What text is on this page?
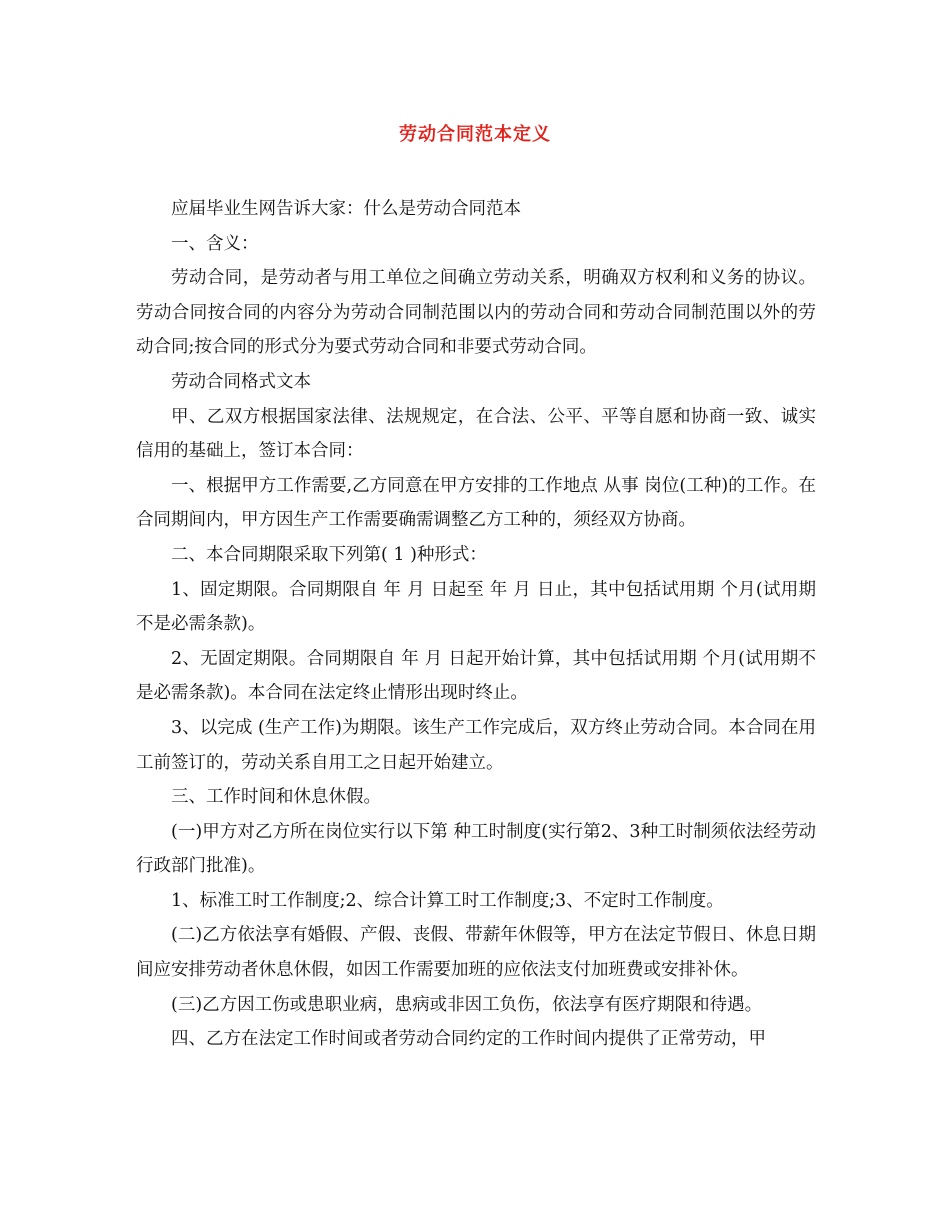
劳动合同范本定义

应届毕业生网告诉大家：什么是劳动合同范本

一、含义：

劳动合同，是劳动者与用工单位之间确立劳动关系，明确双方权利和义务的协议。劳动合同按合同的内容分为劳动合同制范围以内的劳动合同和劳动合同制范围以外的劳动合同;按合同的形式分为要式劳动合同和非要式劳动合同。

劳动合同格式文本

甲、乙双方根据国家法律、法规规定，在合法、公平、平等自愿和协商一致、诚实信用的基础上，签订本合同：

一、根据甲方工作需要,乙方同意在甲方安排的工作地点 从事 岗位(工种)的工作。在合同期间内，甲方因生产工作需要确需调整乙方工种的，须经双方协商。

二、本合同期限采取下列第( 1 )种形式：

1、固定期限。合同期限自 年 月 日起至 年 月 日止，其中包括试用期 个月(试用期不是必需条款)。

2、无固定期限。合同期限自 年 月 日起开始计算，其中包括试用期 个月(试用期不是必需条款)。本合同在法定终止情形出现时终止。

3、以完成 (生产工作)为期限。该生产工作完成后，双方终止劳动合同。本合同在用工前签订的，劳动关系自用工之日起开始建立。

三、工作时间和休息休假。

(一)甲方对乙方所在岗位实行以下第 种工时制度(实行第2、3种工时制须依法经劳动行政部门批准)。

1、标准工时工作制度;2、综合计算工时工作制度;3、不定时工作制度。

(二)乙方依法享有婚假、产假、丧假、带薪年休假等，甲方在法定节假日、休息日期间应安排劳动者休息休假，如因工作需要加班的应依法支付加班费或安排补休。

(三)乙方因工伤或患职业病，患病或非因工负伤，依法享有医疗期限和待遇。

四、乙方在法定工作时间或者劳动合同约定的工作时间内提供了正常劳动，甲
